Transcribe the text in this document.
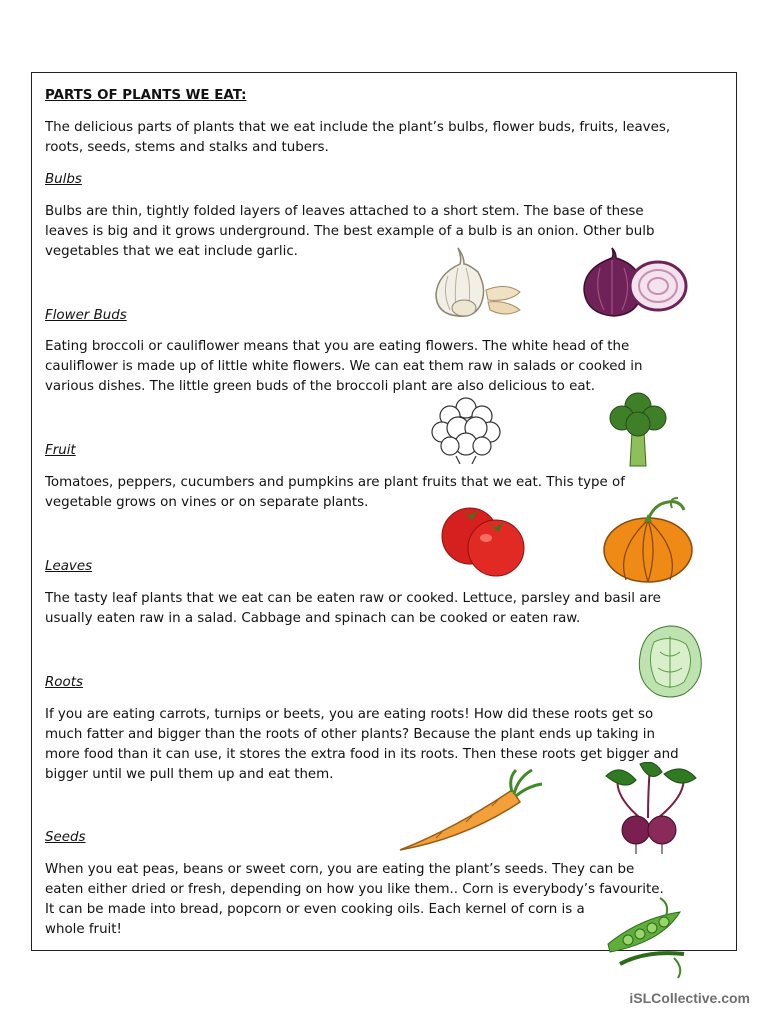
PARTS OF PLANTS WE EAT:

The delicious parts of plants that we eat include the plant’s bulbs, flower buds, fruits, leaves,

roots, seeds, stems and stalks and tubers.

Bulbs

Bulbs are thin, tightly folded layers of leaves attached to a short stem. The base of these

leaves is big and it grows underground. The best example of a bulb is an onion. Other bulb

vegetables that we eat include garlic.

Flower Buds

Eating broccoli or cauliflower means that you are eating flowers. The white head of the

cauliflower is made up of little white flowers. We can eat them raw in salads or cooked in

various dishes. The little green buds of the broccoli plant are also delicious to eat.

Fruit

Tomatoes, peppers, cucumbers and pumpkins are plant fruits that we eat. This type of

vegetable grows on vines or on separate plants.

Leaves

The tasty leaf plants that we eat can be eaten raw or cooked. Lettuce, parsley and basil are

usually eaten raw in a salad. Cabbage and spinach can be cooked or eaten raw.

Roots

If you are eating carrots, turnips or beets, you are eating roots! How did these roots get so

much fatter and bigger than the roots of other plants? Because the plant ends up taking in

more food than it can use, it stores the extra food in its roots. Then these roots get bigger and

bigger until we pull them up and eat them.

Seeds

When you eat peas, beans or sweet corn, you are eating the plant’s seeds. They can be

eaten either dried or fresh, depending on how you like them.. Corn is everybody’s favourite.

It can be made into bread, popcorn or even cooking oils. Each kernel of corn is a

whole fruit!

iSLCollective.com
